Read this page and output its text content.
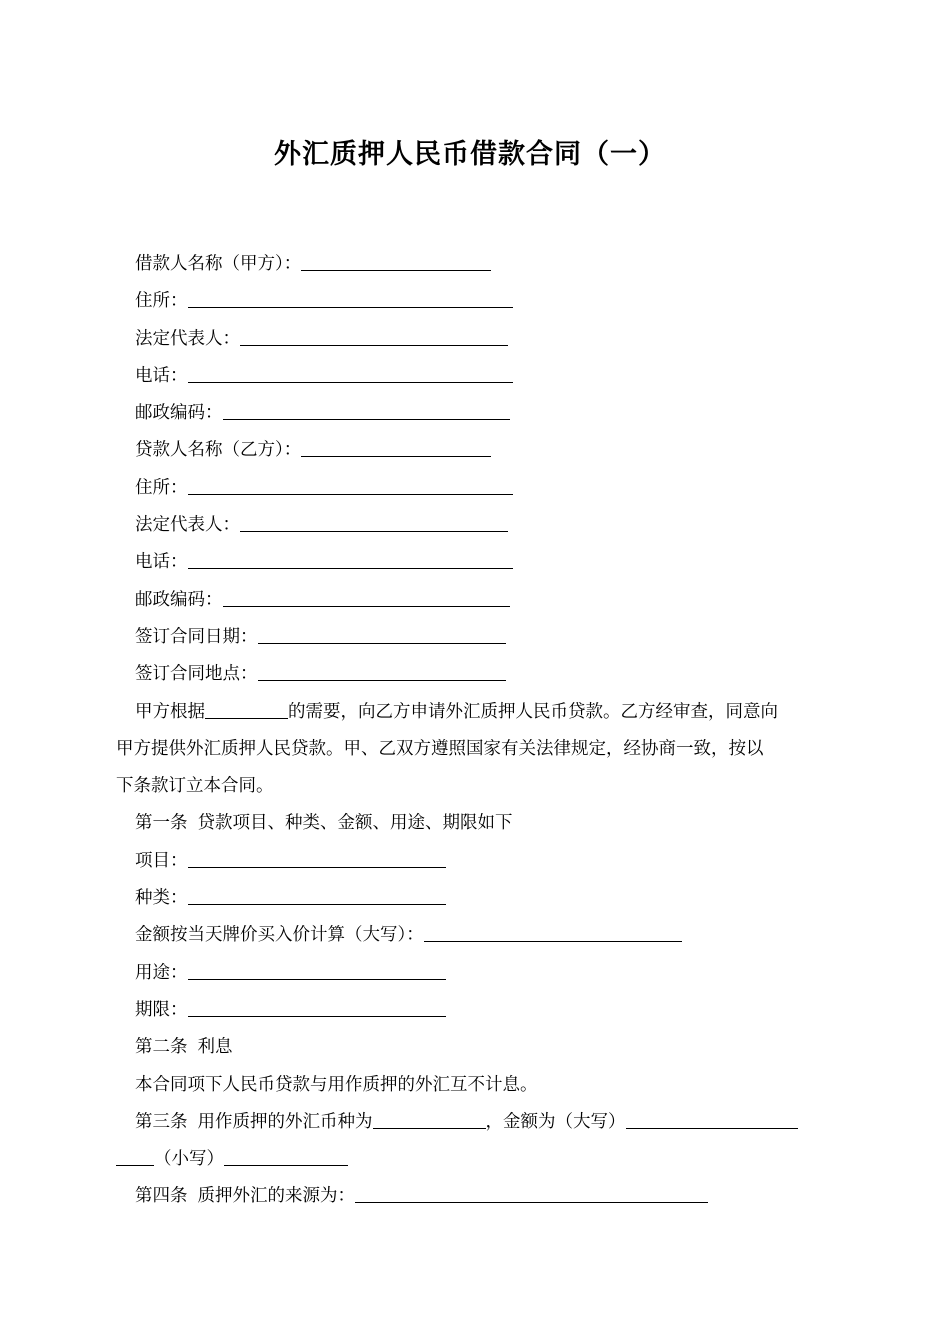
外汇质押人民币借款合同（一）
借款人名称（甲方）：
住所：
法定代表人：
电话：
邮政编码：
贷款人名称（乙方）：
住所：
法定代表人：
电话：
邮政编码：
签订合同日期：
签订合同地点：
甲方根据	的需要，向乙方申请外汇质押人民币贷款。乙方经审查，同意向
甲方提供外汇质押人民贷款。甲、乙双方遵照国家有关法律规定，经协商一致，按以
下条款订立本合同。
第一条 贷款项目、种类、金额、用途、期限如下
项目：
种类：
金额按当天牌价买入价计算（大写）：
用途：
期限：
第二条 利息
本合同项下人民币贷款与用作质押的外汇互不计息。
第三条 用作质押的外汇币种为	，金额为（大写）
（小写）
第四条 质押外汇的来源为：
